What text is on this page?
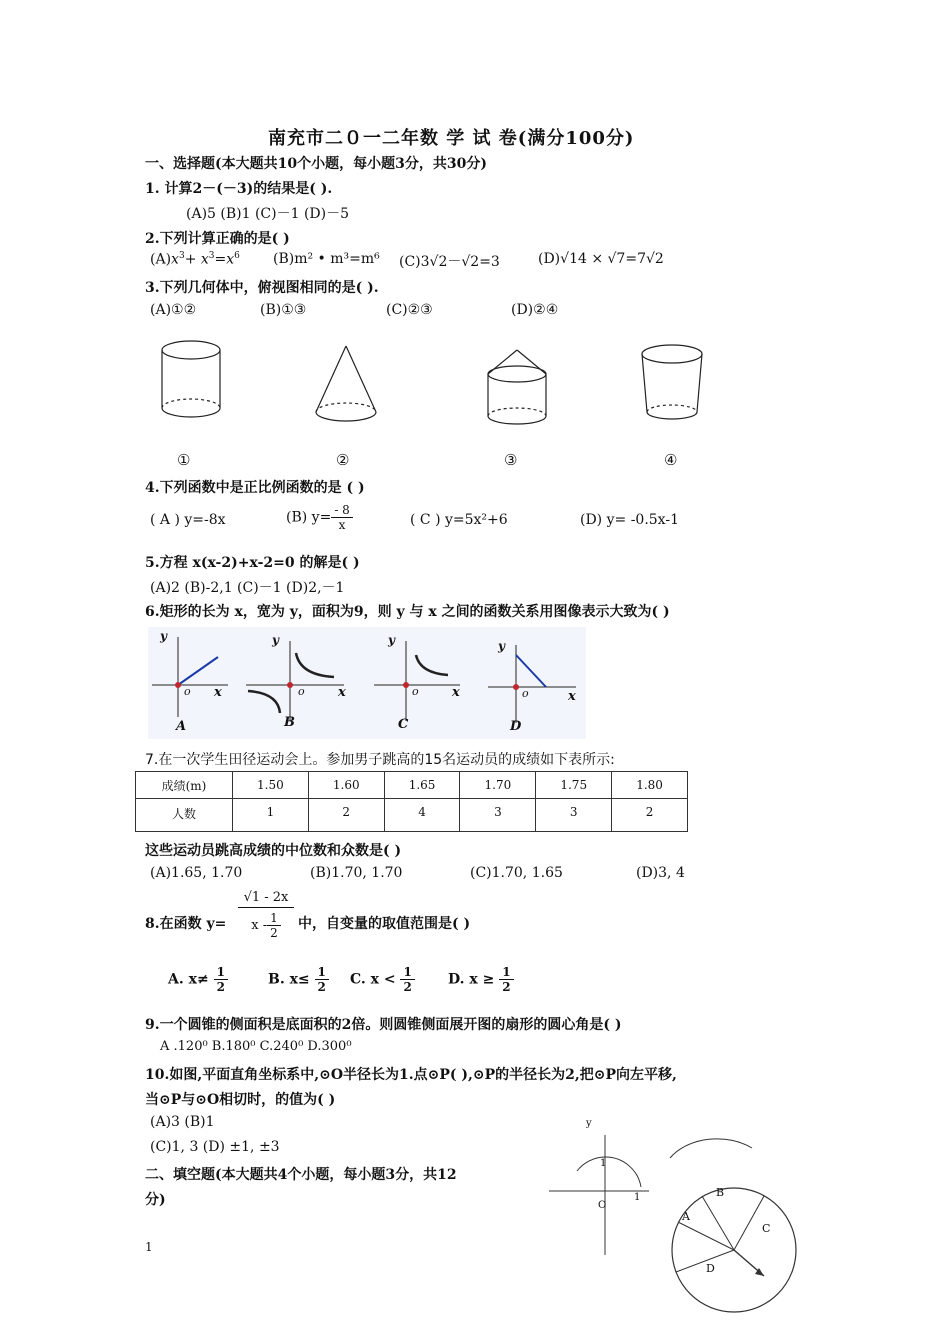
南充市二０一二年数 学 试 卷(满分100分)
一、选择题(本大题共10个小题，每小题3分，共30分)
1. 计算2－(－3)的结果是( ).
(A)5 (B)1 (C)－1 (D)－5
2.下列计算正确的是( )
$(A)x^3+ x^3=x^6$ (B)m² • m³=m⁶ (C)3√2－√2=3	(D)√14 × √7=7√2
3.下列几何体中，俯视图相同的是( ).
(A)①②	(B)①③	(C)②③	(D)②④
①	②	③	④
4.下列函数中是正比例函数的是 ( )
( A ) y=-8x	(B) $y= \frac{- 8}{x}$	( C ) y=5x²+6	(D) y= -0.5x-1
5.方程 x(x-2)+x-2=0 的解是( )
(A)2 (B)-2,1 (C)－1 (D)2,－1
6.矩形的长为 x，宽为 y，面积为9，则 y 与 x 之间的函数关系用图像表示大致为( )
y
o x
A
y
o	x
B
y
o	x
C
y
o	x
D
7.在一次学生田径运动会上。参加男子跳高的15名运动员的成绩如下表所示:
成绩(m)	1.50	1.60	1.65	1.70	1.75	1.80
人数	1	2	4	3	3	2
这些运动员跳高成绩的中位数和众数是( )
(A)1.65, 1.70	(B)1.70, 1.70	(C)1.70, 1.65	(D)3, 4
8.在函数 $y= \frac{√1 - 2x}{x - \frac{1}{2}}$ 中，自变量的取值范围是( )
A. $x\ne \frac{1}{2}$	B. $x\le \frac{1}{2} C$. $x < \frac{1}{2} D$. $x \ge \frac{1}{2}$
9.一个圆锥的侧面积是底面积的2倍。则圆锥侧面展开图的扇形的圆心角是( )
A .120⁰ B.180⁰ C.240⁰ D.300⁰
10.如图,平面直角坐标系中,⊙O半径长为1.点⊙P( ),⊙P的半径长为2,把⊙P向左平移,
当⊙P与⊙O相切时，的值为( )
(A)3 (B)1
(C)1, 3 (D) ±1, ±3
二、填空题(本大题共4个小题，每小题3分，共12
分)
y
1
1
O
A
B
C
D
1
